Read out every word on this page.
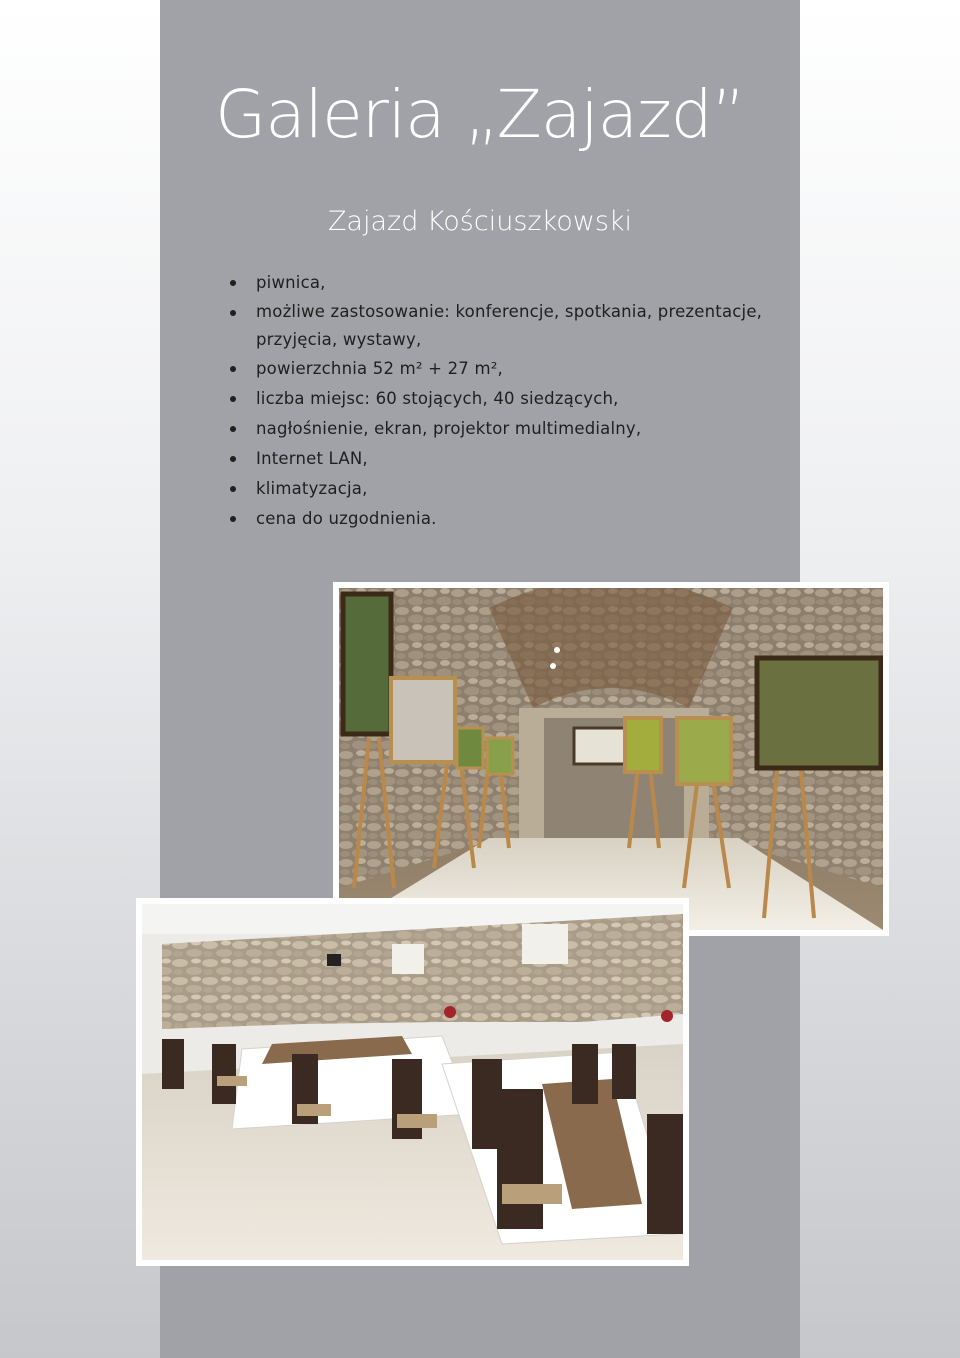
Galeria „Zajazd”
Zajazd Kościuszkowski
piwnica,
możliwe zastosowanie: konferencje, spotkania, prezentacje, przyjęcia, wystawy,
powierzchnia 52 m² + 27 m²,
liczba miejsc: 60 stojących, 40 siedzących,
nagłośnienie, ekran, projektor multimedialny,
Internet LAN,
klimatyzacja,
cena do uzgodnienia.
